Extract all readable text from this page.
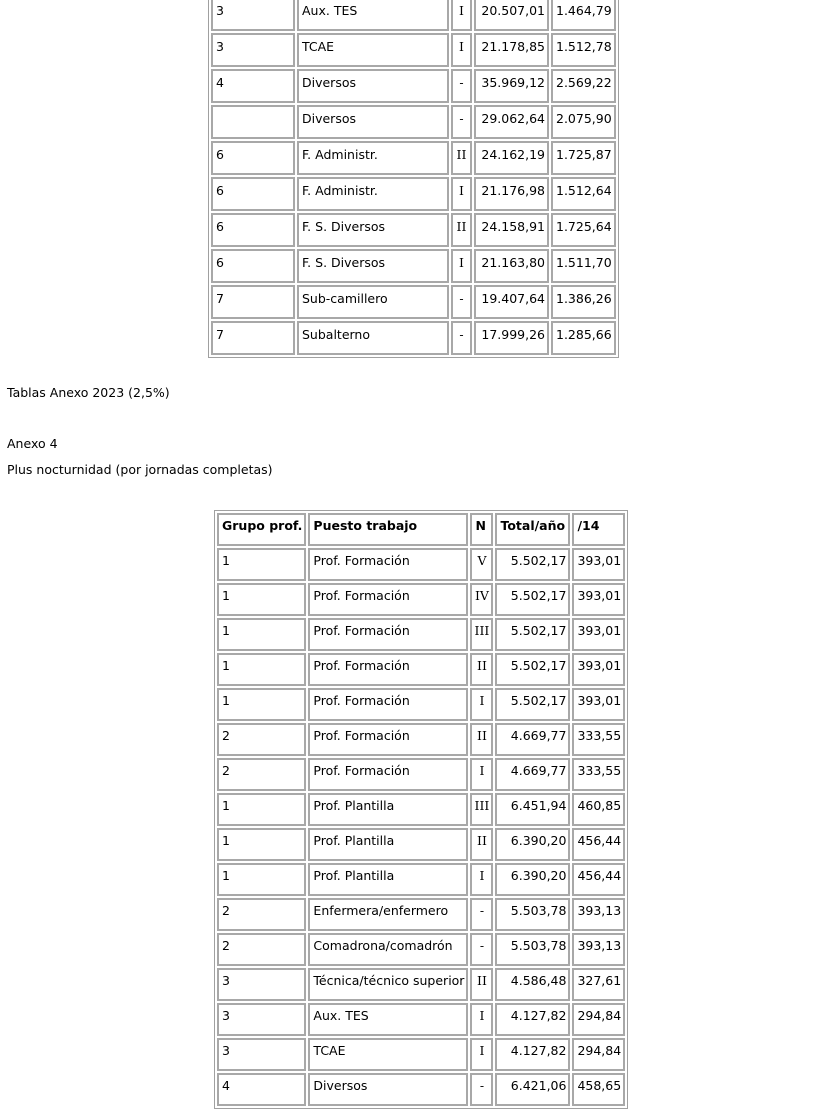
3	Aux. TES	I	20.507,01	1.464,79
3	TCAE	I	21.178,85	1.512,78
4	Diversos	-	35.969,12	2.569,22
	Diversos	-	29.062,64	2.075,90
6	F. Administr.	II	24.162,19	1.725,87
6	F. Administr.	I	21.176,98	1.512,64
6	F. S. Diversos	II	24.158,91	1.725,64
6	F. S. Diversos	I	21.163,80	1.511,70
7	Sub-camillero	-	19.407,64	1.386,26
7	Subalterno	-	17.999,26	1.285,66

Tablas Anexo 2023 (2,5%)

Anexo 4

Plus nocturnidad (por jornadas completas)

Grupo prof.	Puesto trabajo	N	Total/año	/14
1	Prof. Formación	V	5.502,17	393,01
1	Prof. Formación	IV	5.502,17	393,01
1	Prof. Formación	III	5.502,17	393,01
1	Prof. Formación	II	5.502,17	393,01
1	Prof. Formación	I	5.502,17	393,01
2	Prof. Formación	II	4.669,77	333,55
2	Prof. Formación	I	4.669,77	333,55
1	Prof. Plantilla	III	6.451,94	460,85
1	Prof. Plantilla	II	6.390,20	456,44
1	Prof. Plantilla	I	6.390,20	456,44
2	Enfermera/enfermero	-	5.503,78	393,13
2	Comadrona/comadrón	-	5.503,78	393,13
3	Técnica/técnico superior	II	4.586,48	327,61
3	Aux. TES	I	4.127,82	294,84
3	TCAE	I	4.127,82	294,84
4	Diversos	-	6.421,06	458,65
